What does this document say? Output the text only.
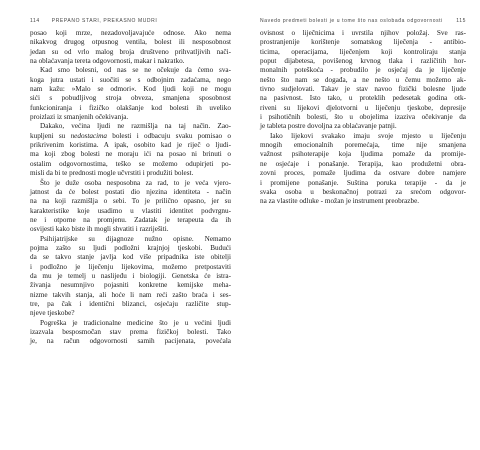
114 PREPANO STARI, PREKASNO MUDRI
posao koji mrze, nezadovoljavajuće odnose. Ako nema
nikakvog drugog otpusnog ventila, bolest ili nesposobnost
jedan su od vrlo malog broja društveno prihvatljivih nači-
na oblaćavanja tereta odgovornosti, makar i nakratko.
Kad smo bolesni, od nas se ne očekuje da ćemo sva-
koga jutra ustati i suočiti se s odbojnim zadaćama, nego
nam kažu: »Malo se odmori«. Kod ljudi koji ne mogu
sići s pobudljivog stroja obveza, smanjena sposobnost
funkcioniranja i fizičko olakšanje kod bolesti ih uveliko
proizlazi iz smanjenih očekivanja.
Dakako, većina ljudi ne razmišlja na taj način. Zao-
kupljeni su nedostacima bolesti i odbacuju svaku pomisao o
prikrivenim koristima. A ipak, osobito kad je riječ o ljudi-
ma koji zbog bolesti ne moraju ići na posao ni brinuti o
ostalim odgovornostima, teško se možemo odupirjeti po-
misli da bi te prednosti mogle učvrstiti i produžiti bolest.
Što je duže osoba nesposobna za rad, to je veća vjero-
jatnost da će bolest postati dio njezina identiteta - način
na na koji razmišlja o sebi. To je prilično opasno, jer su
karakteristike koje usadimo u vlastiti identitet podvrgnu-
ne i otporne na promjenu. Zadatak je terapeuta da ih
osvijesti kako biste ih mogli shvatiti i razriješiti.
Psihijatrijske su dijagnoze nužno opisne. Nemamo
pojma zašto su ljudi podložni krajnjoj tjeskobi. Budući
da se takvo stanje javlja kod više pripadnika iste obitelji
i podložno je liječenju lijekovima, možemo pretpostaviti
da mu je temelj u naslijeđu i biologiji. Genetska će istra-
živanja nesumnjivo pojasniti konkretne kemijske meha-
nizme takvih stanja, ali hoće li nam reći zašto braća i ses-
tre, pa čak i identični blizanci, osjećaju različite stup-
njeve tjeskobe?
Pogreška je tradicionalne medicine što je u većini ljudi
izazvala besposmočan stav prema fizičkoj bolesti. Tako
je, na račun odgovornosti samih pacijenata, povećala
Navedo predmeti bolesti je u tome što nas oslobađa odgovornosti	115
ovisnost o liječnicima i uvrstila njihov položaj. Sve ras-
prostranjenije korištenje somatskog liječenja - antibio-
ticima, operacijama, liječenjem koji kontroliraju stanja
poput dijabetesa, povišenog krvnog tlaka i različitih hor-
monalnih poteškoća - probudilo je osjećaj da je liječenje
nešto što nam se događa, a ne nešto u čemu možemo ak-
tivno sudjelovati. Takav je stav navoo fizički bolesne ljude
na pasivnost. Isto tako, u proteklih pedesetak godina otk-
riveni su lijekovi djelotvorni u liječenju tjeskobe, depresije
i psihotičnih bolesti, što u obojelima izaziva očekivanje da
je tableta postre dovoljna za oblaćavanje patnji.
Iako lijekovi svakako imaju svoje mjesto u liječenju
mnogih emocionalnih poremećaja, time nije smanjena
važnost psihoterapije koja ljudima pomaže da promije-
ne osjećaje i ponašanje. Terapija, kao produžetni obra-
zovni proces, pomaže ljudima da ostvare dobre namjere
i promijene ponašanje. Suština poruka terapije - da je
svaka osoba u beskonačnoj potrazi za srećom odgovor-
na za vlastite odluke - možan je instrument preobrazbe.
